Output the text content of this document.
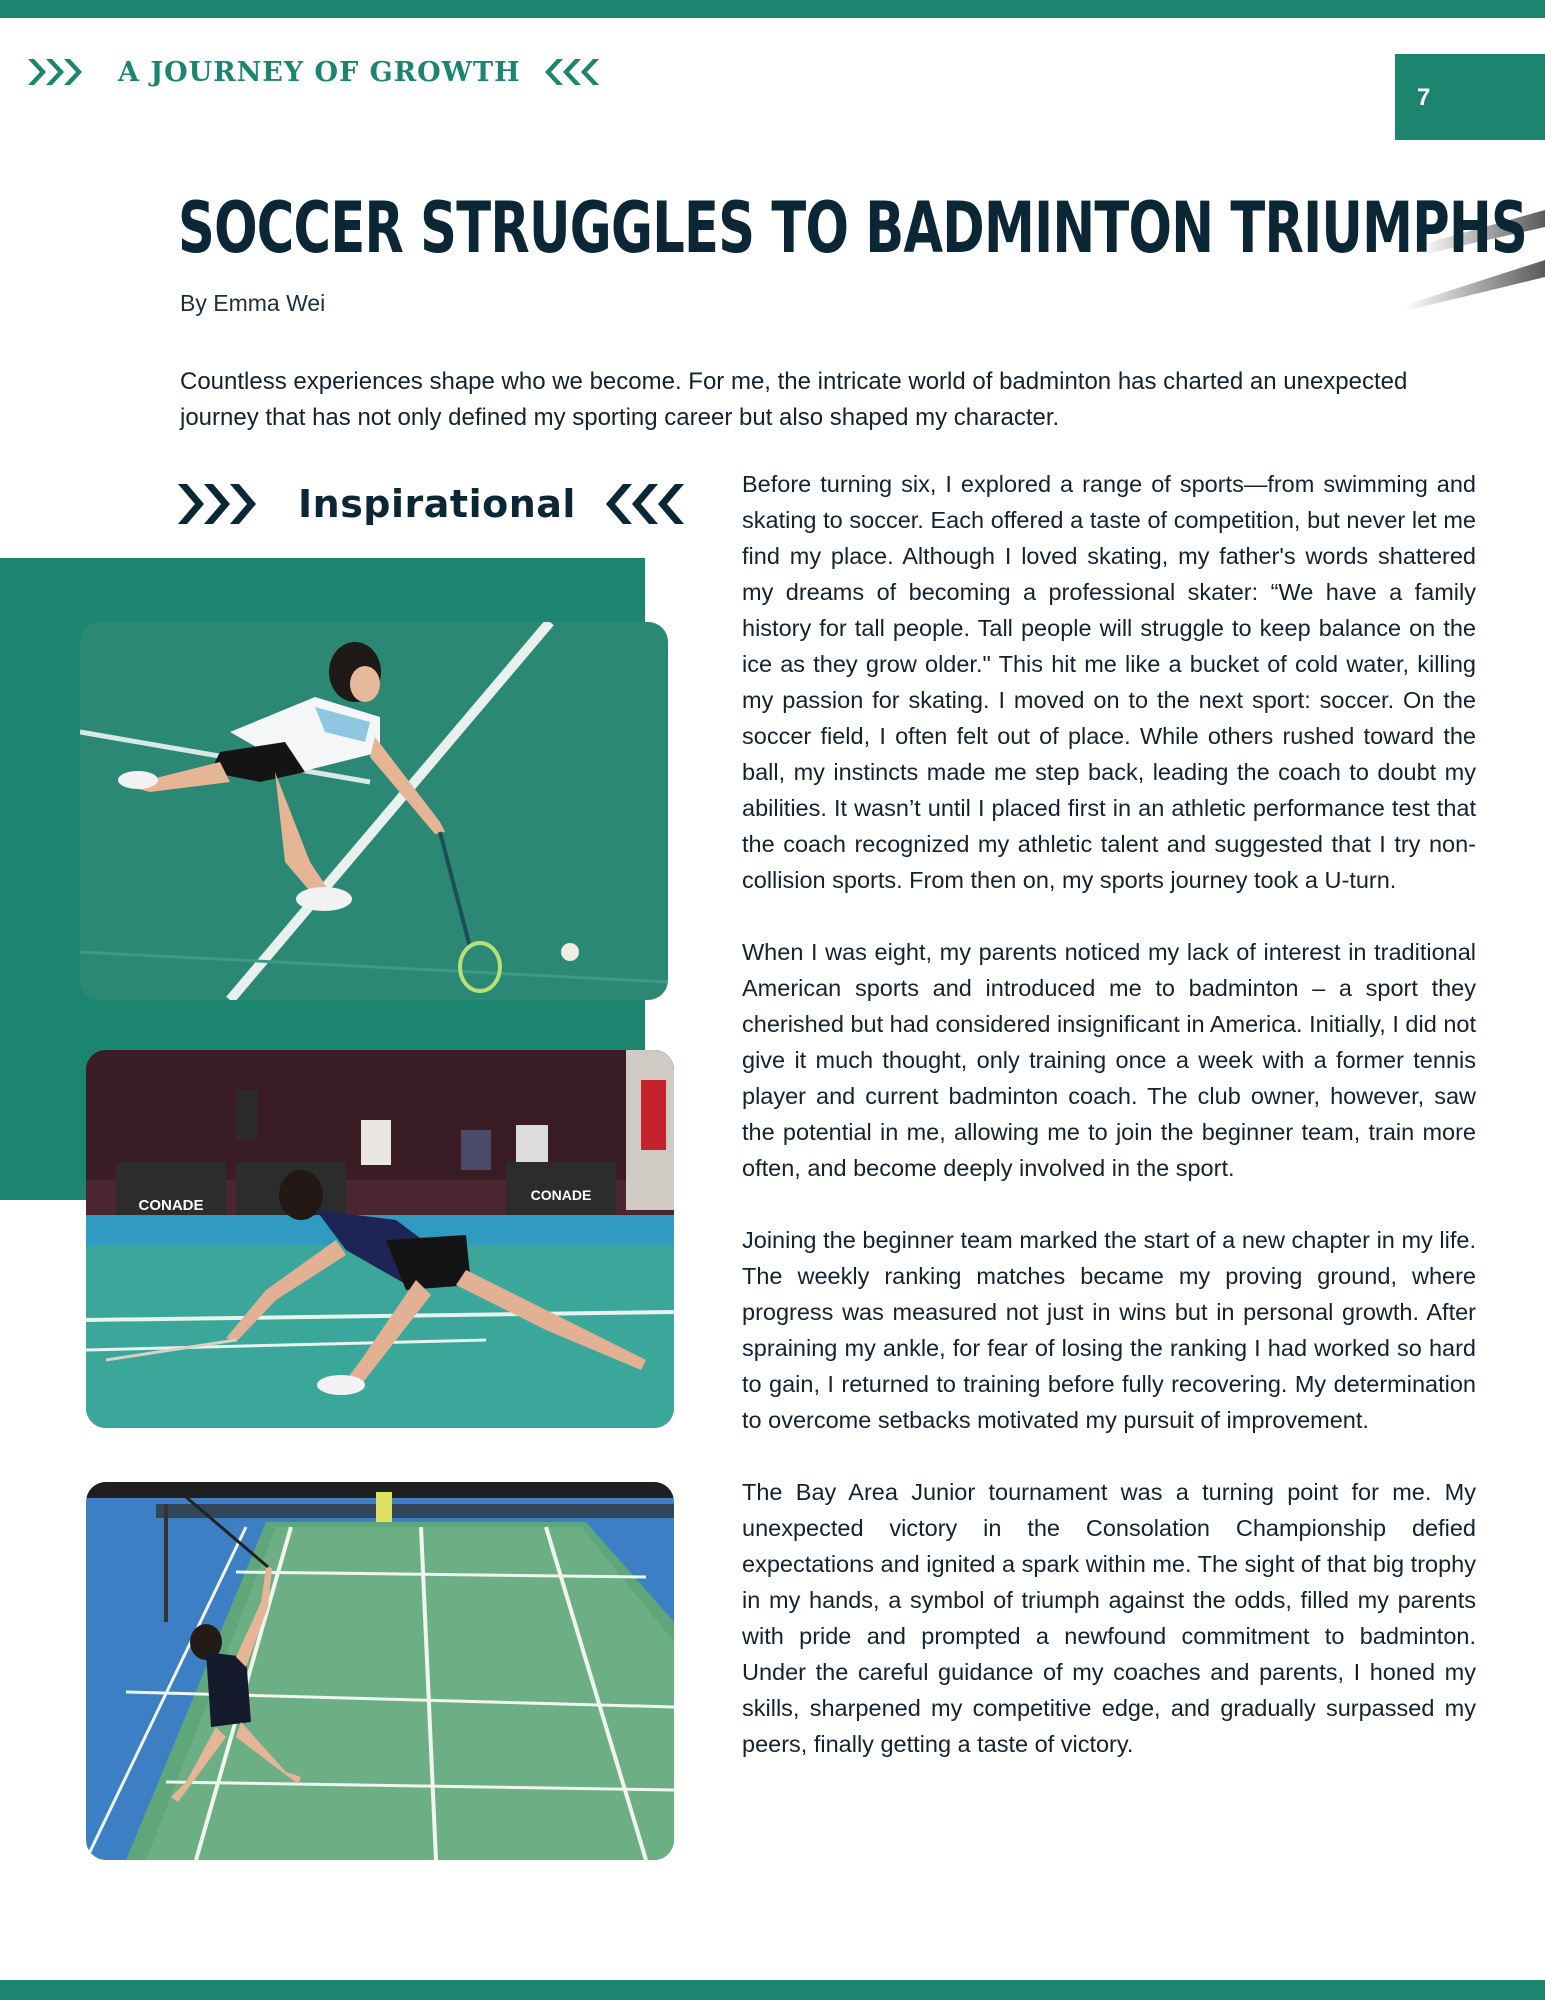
A JOURNEY OF GROWTH
7
SOCCER STRUGGLES TO BADMINTON TRIUMPHS
By Emma Wei

Countless experiences shape who we become. For me, the intricate world of badminton has charted an unexpected journey that has not only defined my sporting career but also shaped my character.

Inspirational
CONADE
CONADE

Before turning six, I explored a range of sports—from swimming and skating to soccer. Each offered a taste of competition, but never let me find my place. Although I loved skating, my father's words shattered my dreams of becoming a professional skater: “We have a family history for tall people. Tall people will struggle to keep balance on the ice as they grow older." This hit me like a bucket of cold water, killing my passion for skating. I moved on to the next sport: soccer. On the soccer field, I often felt out of place. While others rushed toward the ball, my instincts made me step back, leading the coach to doubt my abilities. It wasn’t until I placed first in an athletic performance test that the coach recognized my athletic talent and suggested that I try non-collision sports. From then on, my sports journey took a U-turn.

When I was eight, my parents noticed my lack of interest in traditional American sports and introduced me to badminton – a sport they cherished but had considered insignificant in America. Initially, I did not give it much thought, only training once a week with a former tennis player and current badminton coach. The club owner, however, saw the potential in me, allowing me to join the beginner team, train more often, and become deeply involved in the sport.

Joining the beginner team marked the start of a new chapter in my life. The weekly ranking matches became my proving ground, where progress was measured not just in wins but in personal growth. After spraining my ankle, for fear of losing the ranking I had worked so hard to gain, I returned to training before fully recovering. My determination to overcome setbacks motivated my pursuit of improvement.

The Bay Area Junior tournament was a turning point for me. My unexpected victory in the Consolation Championship defied expectations and ignited a spark within me. The sight of that big trophy in my hands, a symbol of triumph against the odds, filled my parents with pride and prompted a newfound commitment to badminton. Under the careful guidance of my coaches and parents, I honed my skills, sharpened my competitive edge, and gradually surpassed my peers, finally getting a taste of victory.
